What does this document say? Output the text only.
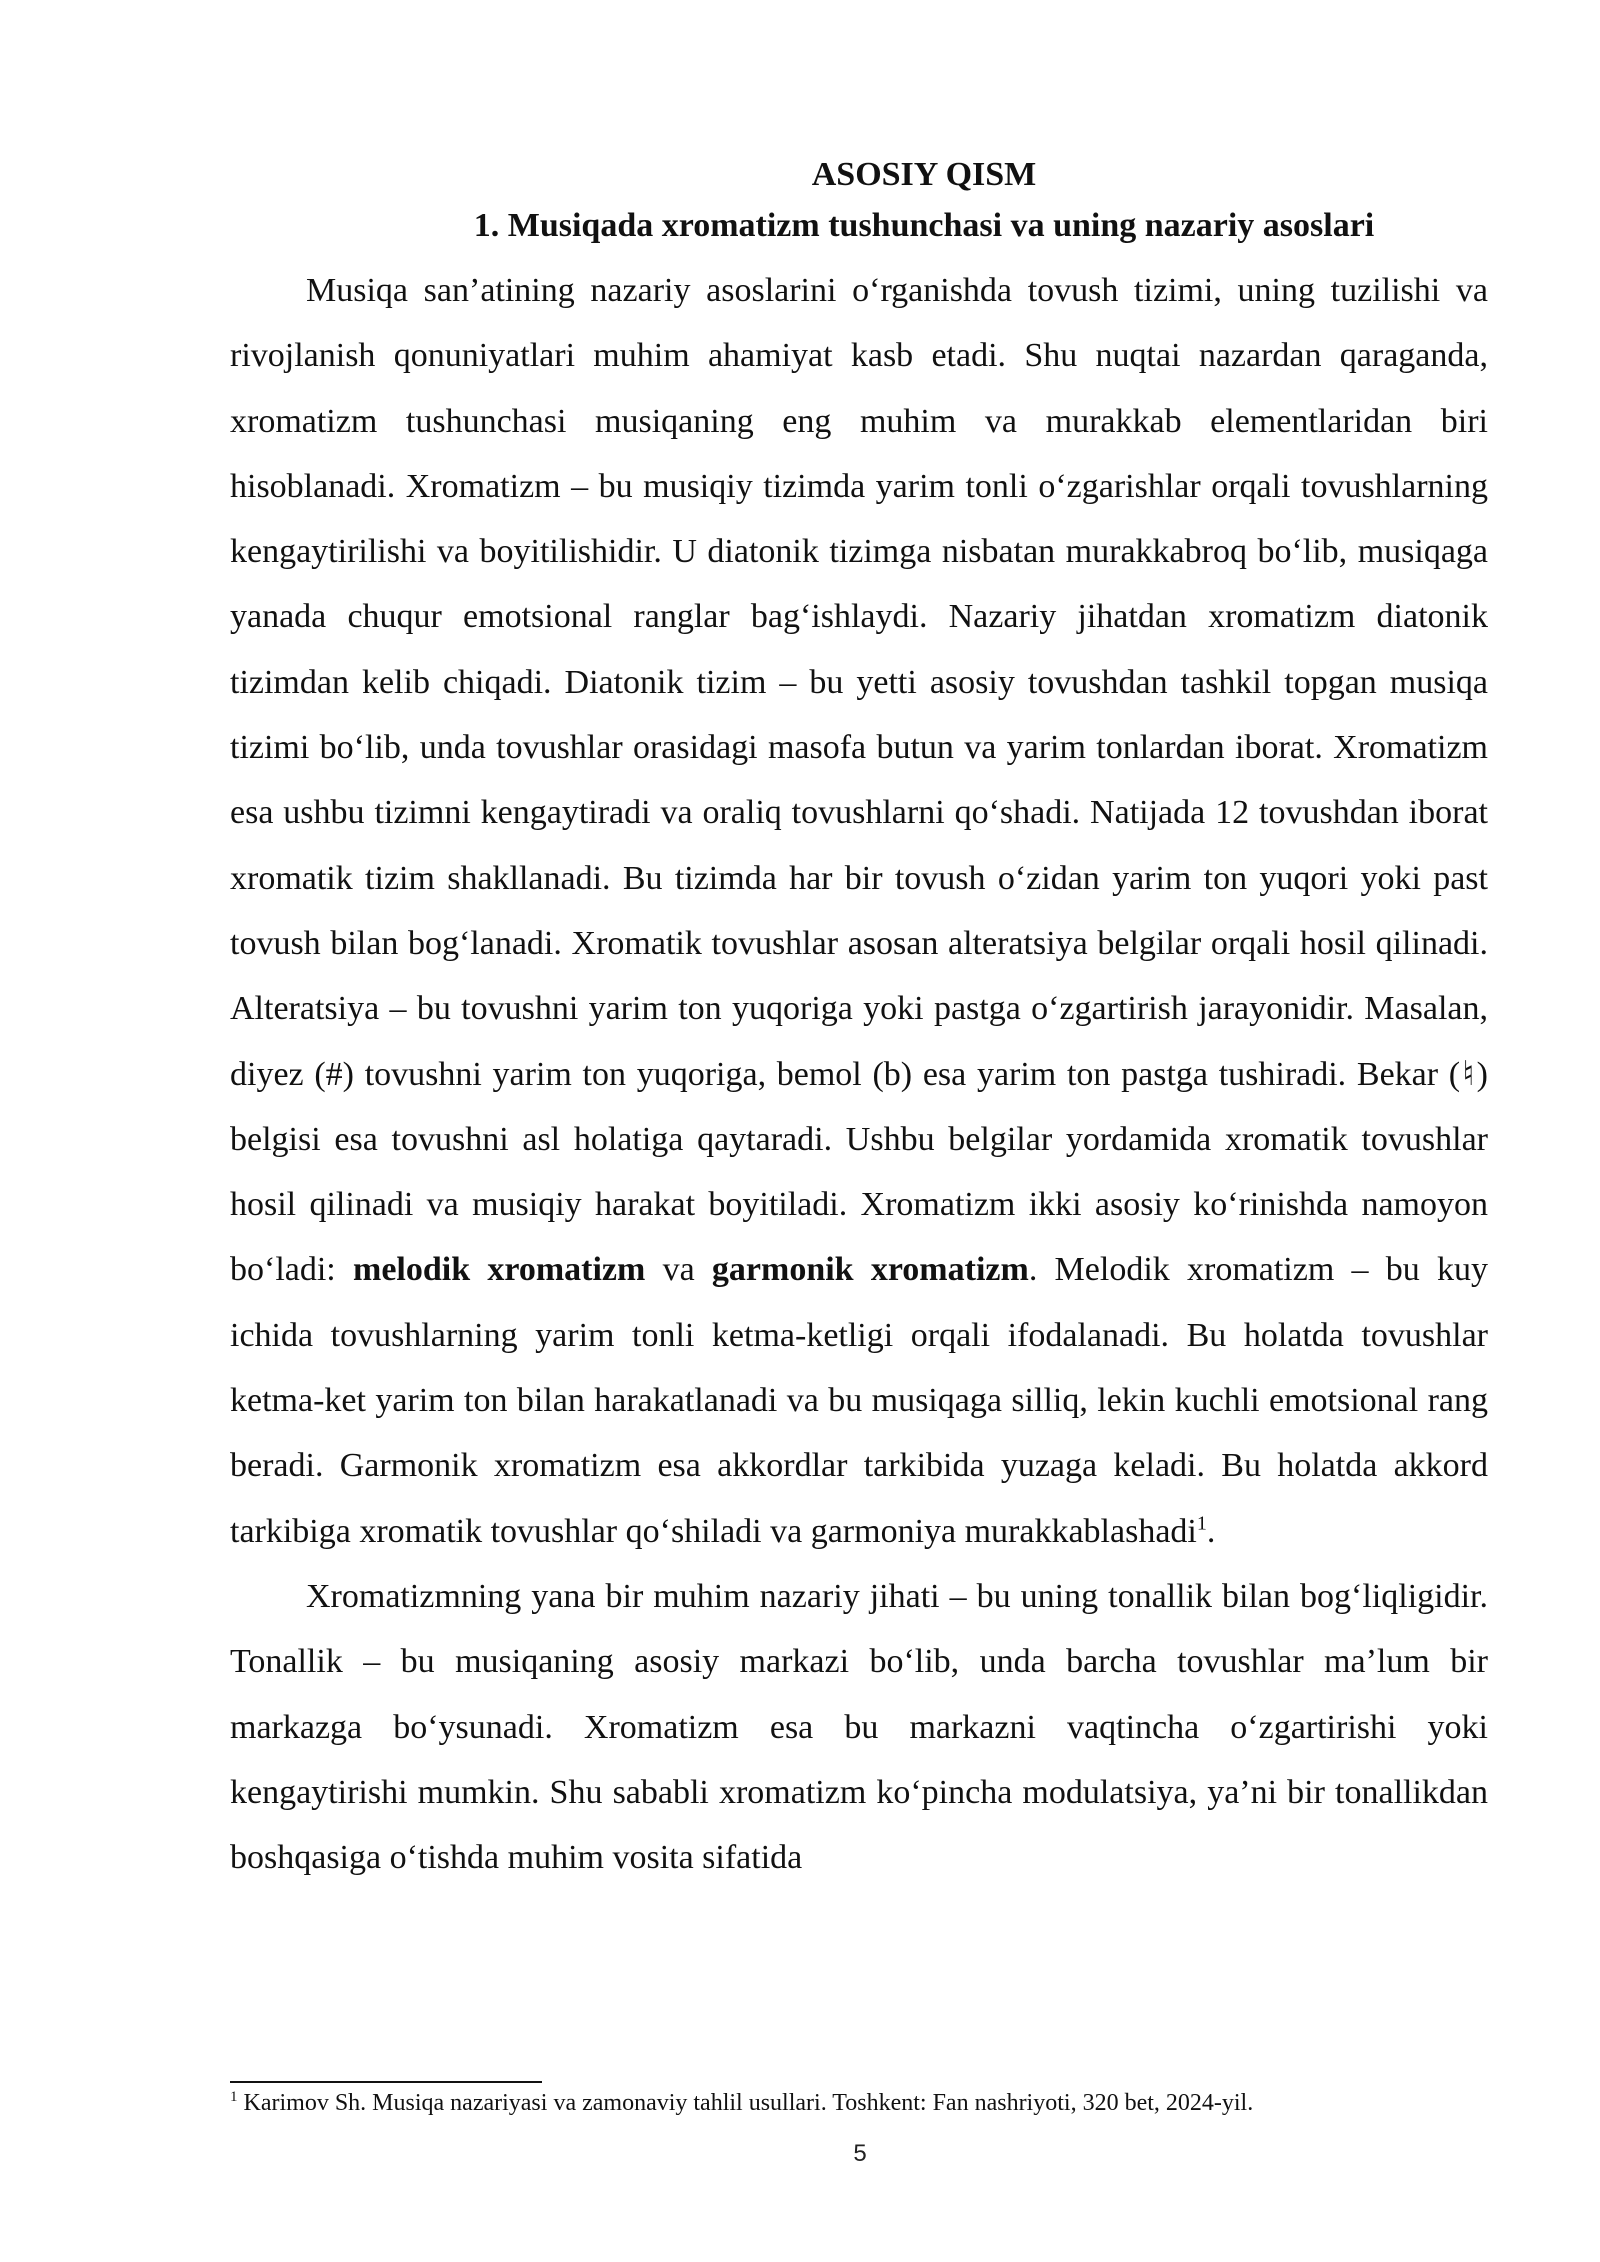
ASOSIY QISM
1. Musiqada xromatizm tushunchasi va uning nazariy asoslari

Musiqa san’atining nazariy asoslarini o‘rganishda tovush tizimi, uning tuzilishi va rivojlanish qonuniyatlari muhim ahamiyat kasb etadi. Shu nuqtai nazardan qaraganda, xromatizm tushunchasi musiqaning eng muhim va murakkab elementlaridan biri hisoblanadi. Xromatizm – bu musiqiy tizimda yarim tonli o‘zgarishlar orqali tovushlarning kengaytirilishi va boyitilishidir. U diatonik tizimga nisbatan murakkabroq bo‘lib, musiqaga yanada chuqur emotsional ranglar bag‘ishlaydi. Nazariy jihatdan xromatizm diatonik tizimdan kelib chiqadi. Diatonik tizim – bu yetti asosiy tovushdan tashkil topgan musiqa tizimi bo‘lib, unda tovushlar orasidagi masofa butun va yarim tonlardan iborat. Xromatizm esa ushbu tizimni kengaytiradi va oraliq tovushlarni qo‘shadi. Natijada 12 tovushdan iborat xromatik tizim shakllanadi. Bu tizimda har bir tovush o‘zidan yarim ton yuqori yoki past tovush bilan bog‘lanadi. Xromatik tovushlar asosan alteratsiya belgilar orqali hosil qilinadi. Alteratsiya – bu tovushni yarim ton yuqoriga yoki pastga o‘zgartirish jarayonidir. Masalan, diyez (#) tovushni yarim ton yuqoriga, bemol (b) esa yarim ton pastga tushiradi. Bekar (♮) belgisi esa tovushni asl holatiga qaytaradi. Ushbu belgilar yordamida xromatik tovushlar hosil qilinadi va musiqiy harakat boyitiladi. Xromatizm ikki asosiy ko‘rinishda namoyon bo‘ladi: melodik xromatizm va garmonik xromatizm. Melodik xromatizm – bu kuy ichida tovushlarning yarim tonli ketma-ketligi orqali ifodalanadi. Bu holatda tovushlar ketma-ket yarim ton bilan harakatlanadi va bu musiqaga silliq, lekin kuchli emotsional rang beradi. Garmonik xromatizm esa akkordlar tarkibida yuzaga keladi. Bu holatda akkord tarkibiga xromatik tovushlar qo‘shiladi va garmoniya murakkablashadi$^1$.

Xromatizmning yana bir muhim nazariy jihati – bu uning tonallik bilan bog‘liqligidir. Tonallik – bu musiqaning asosiy markazi bo‘lib, unda barcha tovushlar ma’lum bir markazga bo‘ysunadi. Xromatizm esa bu markazni vaqtincha o‘zgartirishi yoki kengaytirishi mumkin. Shu sababli xromatizm ko‘pincha modulatsiya, ya’ni bir tonallikdan boshqasiga o‘tishda muhim vosita sifatida

$^1$ Karimov Sh. Musiqa nazariyasi va zamonaviy tahlil usullari. Toshkent: Fan nashriyoti, 320 bet, 2024-yil.
5
